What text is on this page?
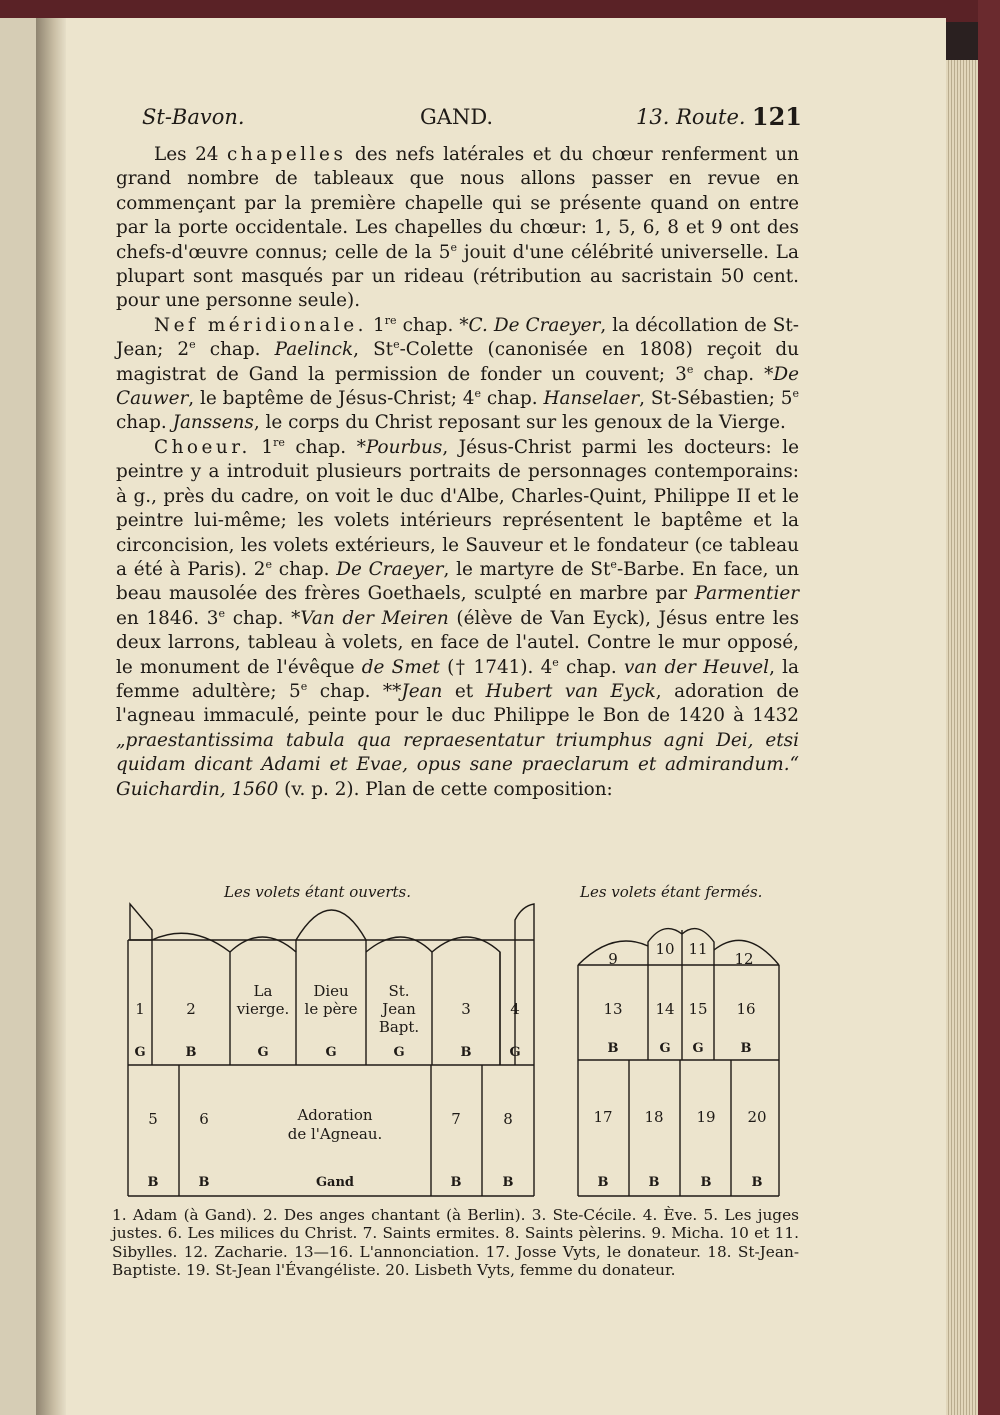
St-Bavon.	GAND.	13. Route. 121

Les 24 chapelles des nefs latérales et du chœur renferment un grand nombre de tableaux que nous allons passer en revue en commençant par la première chapelle qui se présente quand on entre par la porte occidentale. Les chapelles du chœur: 1, 5, 6, 8 et 9 ont des chefs-d'œuvre connus; celle de la 5e jouit d'une célébrité universelle. La plupart sont masqués par un rideau (rétribution au sacristain 50 cent. pour une personne seule).

Nef méridionale. 1re chap. *C. De Craeyer, la décollation de St-Jean; 2e chap. Paelinck, St$^e$-Colette (canonisée en 1808) reçoit du magistrat de Gand la permission de fonder un couvent; 3e chap. *De Cauwer, le baptême de Jésus-Christ; 4e chap. Hanselaer, St-Sébastien; 5e chap. Janssens, le corps du Christ reposant sur les genoux de la Vierge.

Choeur. 1re chap. *Pourbus, Jésus-Christ parmi les docteurs: le peintre y a introduit plusieurs portraits de personnages contemporains: à g., près du cadre, on voit le duc d'Albe, Charles-Quint, Philippe II et le peintre lui-même; les volets intérieurs représentent le baptême et la circoncision, les volets extérieurs, le Sauveur et le fondateur (ce tableau a été à Paris). 2e chap. De Craeyer, le martyre de St$^e$-Barbe. En face, un beau mausolée des frères Goethaels, sculpté en marbre par Parmentier en 1846. 3e chap. *Van der Meiren (élève de Van Eyck), Jésus entre les deux larrons, tableau à volets, en face de l'autel. Contre le mur opposé, le monument de l'évêque de Smet († 1741). 4e chap. van der Heuvel, la femme adultère; 5e chap. **Jean et Hubert van Eyck, adoration de l'agneau immaculé, peinte pour le duc Philippe le Bon de 1420 à 1432 „praestantissima tabula qua repraesentatur triumphus agni Dei, etsi quidam dicant Adami et Evae, opus sane praeclarum et admirandum.“ Guichardin, 1560 (v. p. 2). Plan de cette composition:

Les volets étant ouverts.	Les volets étant fermés.
1	2
La
vierge.
Dieu
le père
St.
Jean
Bapt.
3	4
G	B	G	G	G	B	G
5	6	Adoration
de l'Agneau.
7	8
B	B	Gand	B	B
9
10 11
12
13 14 15 16
B	G G	B
17 18 19 20
B	B	B	B
1. Adam (à Gand). 2. Des anges chantant (à Berlin). 3. Ste-Cécile. 4. Ève. 5. Les juges justes. 6. Les milices du Christ. 7. Saints ermites. 8. Saints pèlerins. 9. Micha. 10 et 11. Sibylles. 12. Zacharie. 13—16. L'annonciation. 17. Josse Vyts, le donateur. 18. St-Jean-Baptiste. 19. St-Jean l'Évangéliste. 20. Lisbeth Vyts, femme du donateur.
